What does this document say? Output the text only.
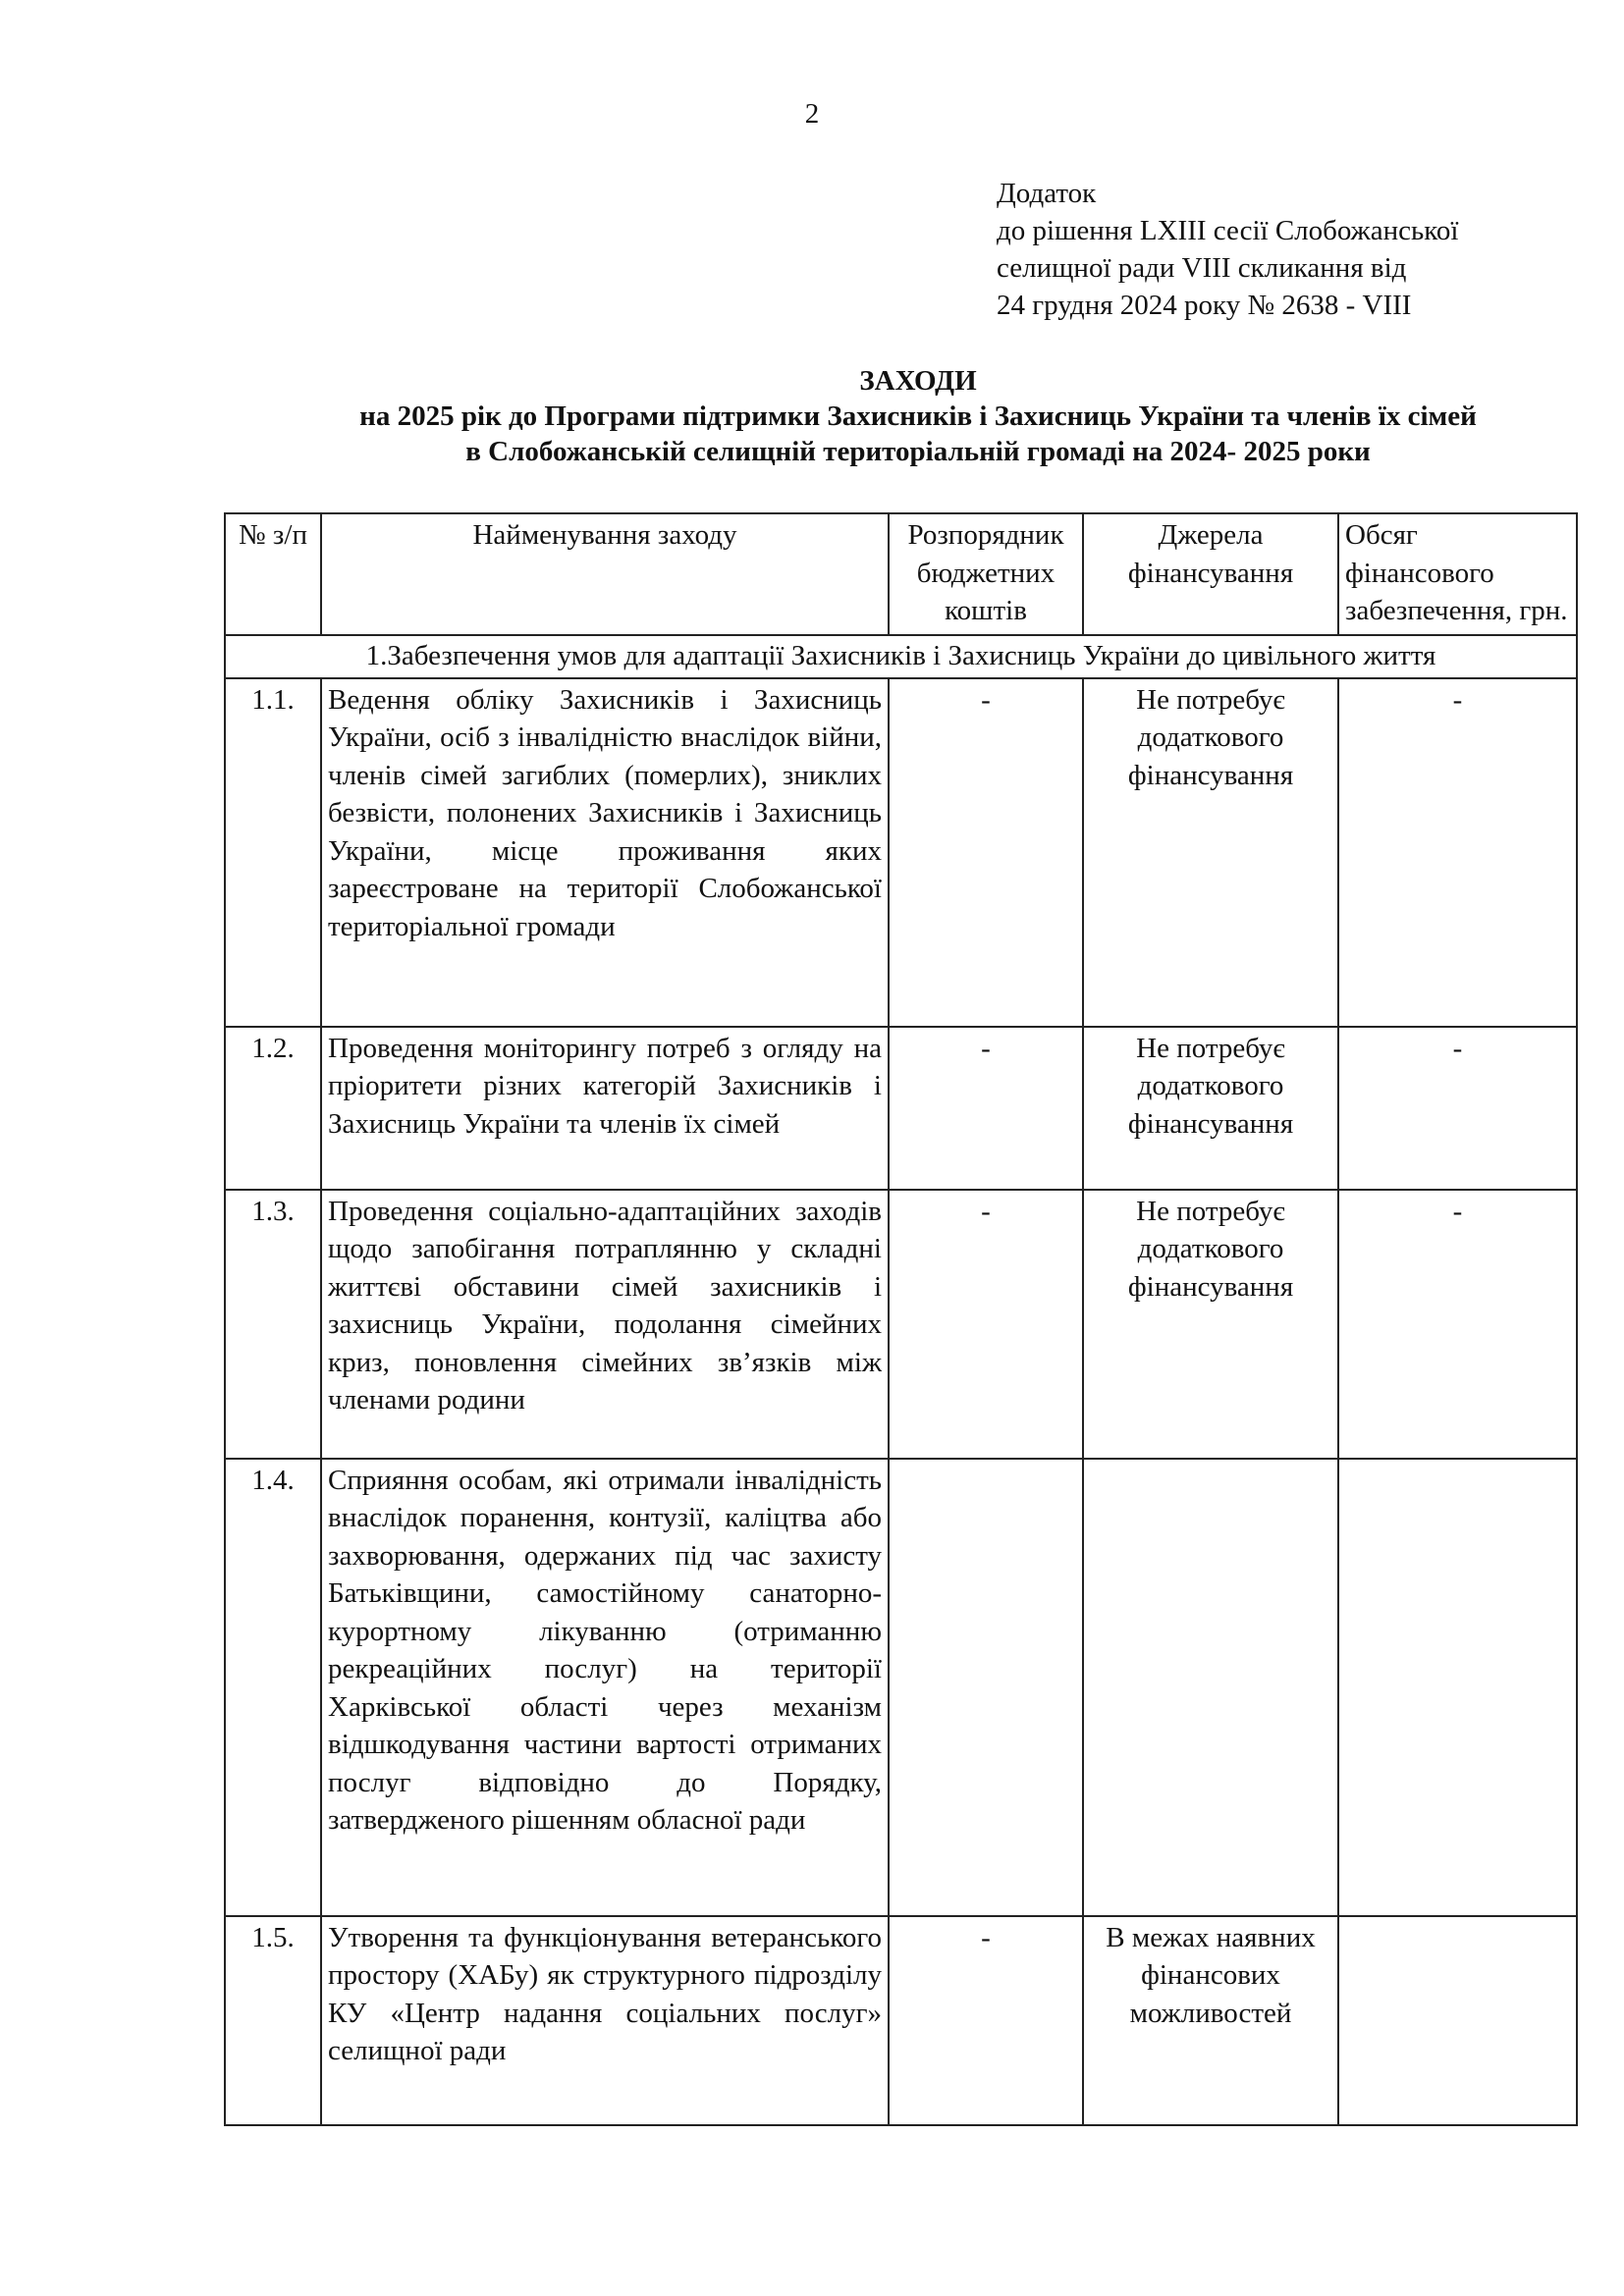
2
Додаток
до рішення LXIII сесії Слобожанської
селищної ради VIII скликання від
24 грудня 2024 року № 2638 - VIII
ЗАХОДИ
на 2025 рік до Програми підтримки Захисників і Захисниць України та членів їх сімей
в Слобожанській селищній територіальній громаді на 2024- 2025 роки
№ з/п	Найменування заходу	Розпорядник бюджетних коштів	Джерела фінансування	Обсяг фінансового забезпечення, грн.
1.Забезпечення умов для адаптації Захисників і Захисниць України до цивільного життя				
1.1.	Ведення обліку Захисників і Захисниць України, осіб з інвалідністю внаслідок війни, членів сімей загиблих (померлих), зниклих безвісти, полонених Захисників і Захисниць України, місце проживання яких зареєстроване на території Слобожанської територіальної громади	-	Не потребує додаткового фінансування	-
1.2.	Проведення моніторингу потреб з огляду на пріоритети різних категорій Захисників і Захисниць України та членів їх сімей	-	Не потребує додаткового фінансування	-
1.3.	Проведення соціально-адаптаційних заходів щодо запобігання потраплянню у складні життєві обставини сімей захисників і захисниць України, подолання сімейних криз, поновлення сімейних зв’язків між членами родини	-	Не потребує додаткового фінансування	-
1.4.	Сприяння особам, які отримали інвалідність внаслідок поранення, контузії, каліцтва або захворювання, одержаних під час захисту Батьківщини, самостійному санаторно-курортному лікуванню (отриманню рекреаційних послуг) на території Харківської області через механізм відшкодування частини вартості отриманих послуг відповідно до Порядку, затвердженого рішенням обласної ради			
1.5.	Утворення та функціонування ветеранського простору (ХАБу) як структурного підрозділу КУ «Центр надання соціальних послуг» селищної ради	-	В межах наявних фінансових можливостей	
